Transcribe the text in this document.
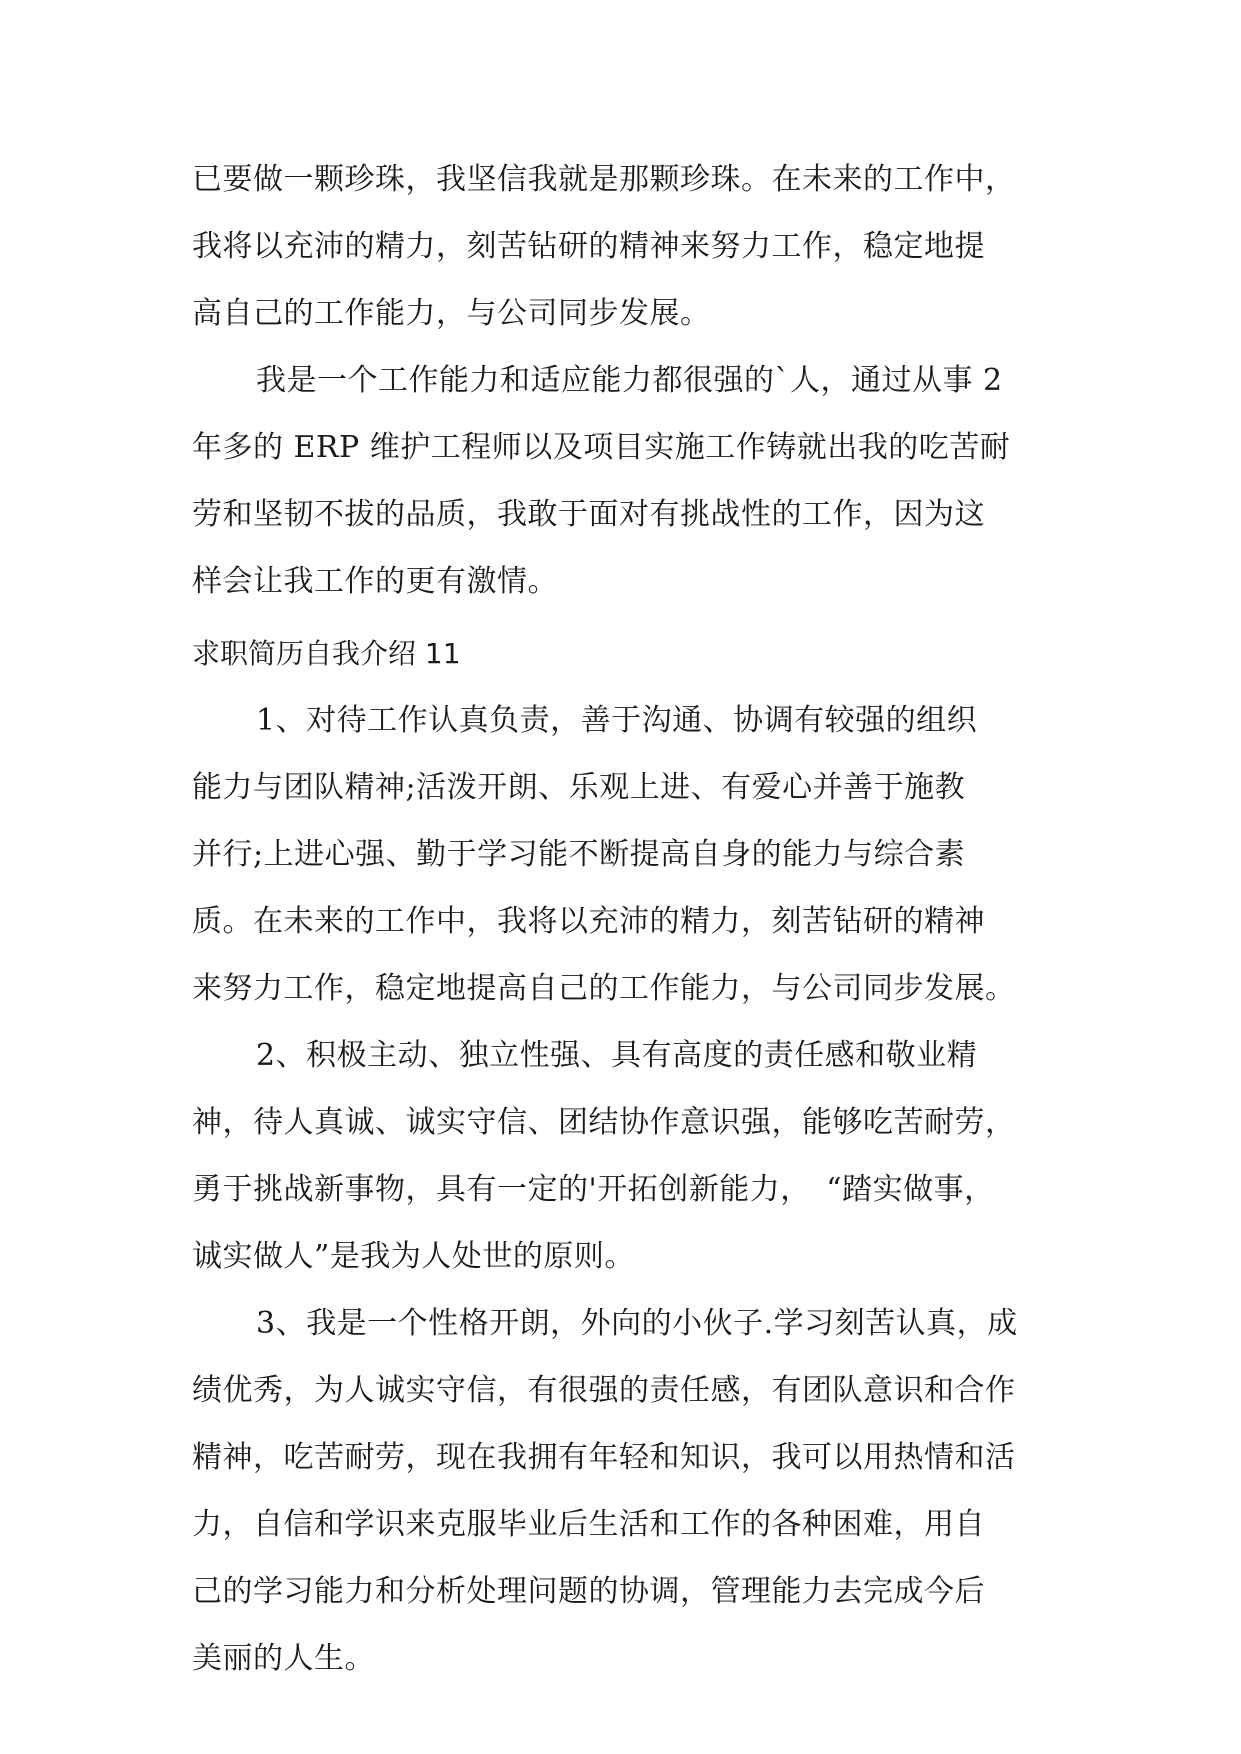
已要做一颗珍珠，我坚信我就是那颗珍珠。在未来的工作中，
我将以充沛的精力，刻苦钻研的精神来努力工作，稳定地提
高自己的工作能力，与公司同步发展。
我是一个工作能力和适应能力都很强的`人，通过从事 2
年多的 ERP 维护工程师以及项目实施工作铸就出我的吃苦耐
劳和坚韧不拔的品质，我敢于面对有挑战性的工作，因为这
样会让我工作的更有激情。
求职简历自我介绍 11
1、对待工作认真负责，善于沟通、协调有较强的组织
能力与团队精神;活泼开朗、乐观上进、有爱心并善于施教
并行;上进心强、勤于学习能不断提高自身的能力与综合素
质。在未来的工作中，我将以充沛的精力，刻苦钻研的精神
来努力工作，稳定地提高自己的工作能力，与公司同步发展。
2、积极主动、独立性强、具有高度的责任感和敬业精
神，待人真诚、诚实守信、团结协作意识强，能够吃苦耐劳，
勇于挑战新事物，具有一定的'开拓创新能力，　“踏实做事，
诚实做人”是我为人处世的原则。
3、我是一个性格开朗，外向的小伙子.学习刻苦认真，成
绩优秀，为人诚实守信，有很强的责任感，有团队意识和合作
精神，吃苦耐劳，现在我拥有年轻和知识，我可以用热情和活
力，自信和学识来克服毕业后生活和工作的各种困难，用自
己的学习能力和分析处理问题的协调，管理能力去完成今后
美丽的人生。
